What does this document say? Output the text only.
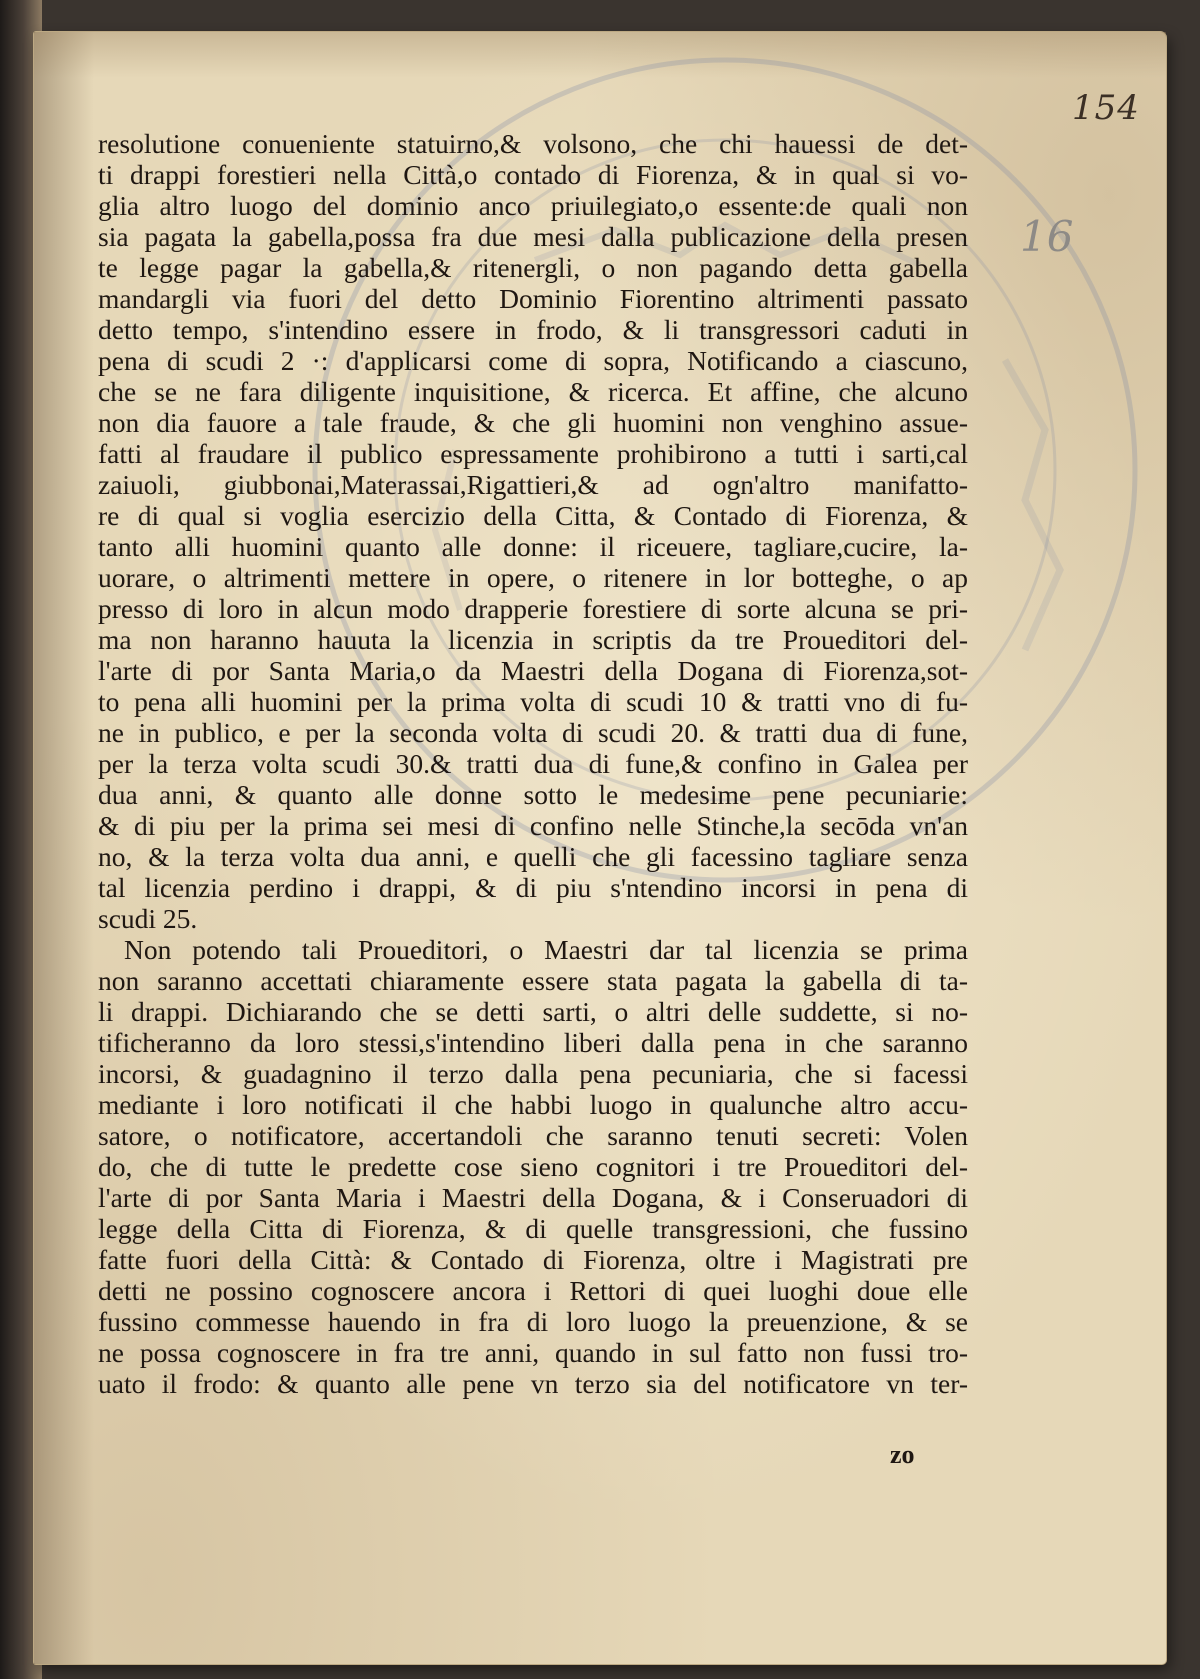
154
16
resolutione conueniente statuirno,& volsono, che chi hauessi de det-
ti drappi forestieri nella Città,o contado di Fiorenza, & in qual si vo-
glia altro luogo del dominio anco priuilegiato,o essente:de quali non
sia pagata la gabella,possa fra due mesi dalla publicazione della presen
te legge pagar la gabella,& ritenergli, o non pagando detta gabella
mandargli via fuori del detto Dominio Fiorentino altrimenti passato
detto tempo, s'intendino essere in frodo, & li transgressori caduti in
pena di scudi 2 ·: d'applicarsi come di sopra, Notificando a ciascuno,
che se ne fara diligente inquisitione, & ricerca. Et affine, che alcuno
non dia fauore a tale fraude, & che gli huomini non venghino assue-
fatti al fraudare il publico espressamente prohibirono a tutti i sarti,cal
zaiuoli, giubbonai,Materassai,Rigattieri,& ad ogn'altro manifatto-
re di qual si voglia esercizio della Citta, & Contado di Fiorenza, &
tanto alli huomini quanto alle donne: il riceuere, tagliare,cucire, la-
uorare, o altrimenti mettere in opere, o ritenere in lor botteghe, o ap
presso di loro in alcun modo drapperie forestiere di sorte alcuna se pri-
ma non haranno hauuta la licenzia in scriptis da tre Proueditori del-
l'arte di por Santa Maria,o da Maestri della Dogana di Fiorenza,sot-
to pena alli huomini per la prima volta di scudi 10 & tratti vno di fu-
ne in publico, e per la seconda volta di scudi 20. & tratti dua di fune,
per la terza volta scudi 30.& tratti dua di fune,& confino in Galea per
dua anni, & quanto alle donne sotto le medesime pene pecuniarie:
& di piu per la prima sei mesi di confino nelle Stinche,la secōda vn'an
no, & la terza volta dua anni, e quelli che gli facessino tagliare senza
tal licenzia perdino i drappi, & di piu s'ntendino incorsi in pena di
scudi 25.
Non potendo tali Proueditori, o Maestri dar tal licenzia se prima
non saranno accettati chiaramente essere stata pagata la gabella di ta-
li drappi. Dichiarando che se detti sarti, o altri delle suddette, si no-
tificheranno da loro stessi,s'intendino liberi dalla pena in che saranno
incorsi, & guadagnino il terzo dalla pena pecuniaria, che si facessi
mediante i loro notificati il che habbi luogo in qualunche altro accu-
satore, o notificatore, accertandoli che saranno tenuti secreti: Volen
do, che di tutte le predette cose sieno cognitori i tre Proueditori del-
l'arte di por Santa Maria i Maestri della Dogana, & i Conseruadori di
legge della Citta di Fiorenza, & di quelle transgressioni, che fussino
fatte fuori della Città: & Contado di Fiorenza, oltre i Magistrati pre
detti ne possino cognoscere ancora i Rettori di quei luoghi doue elle
fussino commesse hauendo in fra di loro luogo la preuenzione, & se
ne possa cognoscere in fra tre anni, quando in sul fatto non fussi tro-
uato il frodo: & quanto alle pene vn terzo sia del notificatore vn ter-
zo
